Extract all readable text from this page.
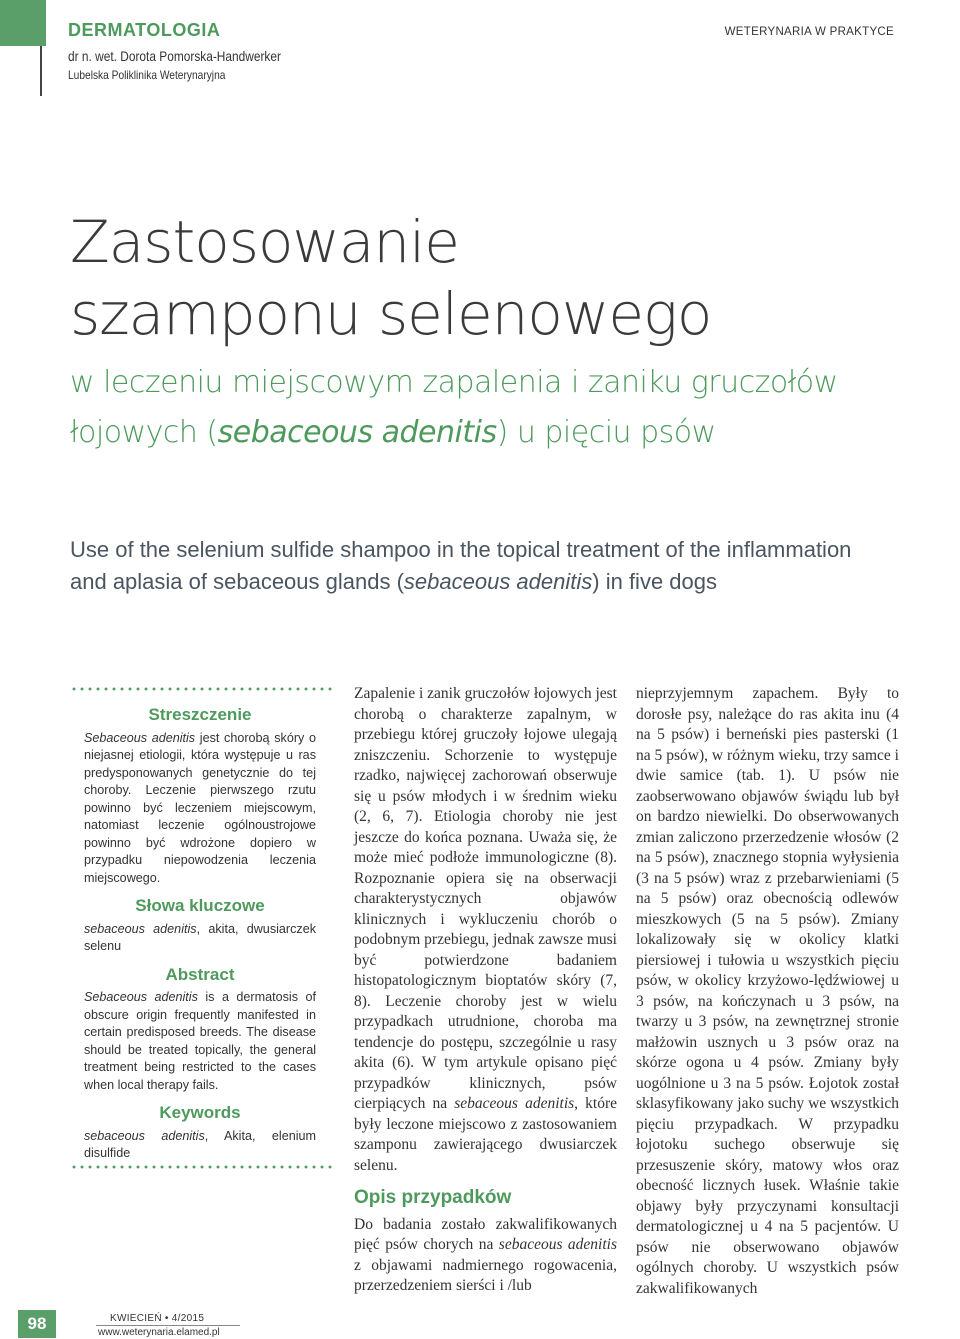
DERMATOLOGIA
dr n. wet. Dorota Pomorska-Handwerker
Lubelska Poliklinika Weterynaryjna
WETERYNARIA W PRAKTYCE
Zastosowanie
szamponu selenowego
w leczeniu miejscowym zapalenia i zaniku gruczołów
łojowych (sebaceous adenitis) u pięciu psów
Use of the selenium sulfide shampoo in the topical treatment of the inflammation
and aplasia of sebaceous glands (sebaceous adenitis) in five dogs
Streszczenie

Sebaceous adenitis jest chorobą skóry o niejasnej etiologii, która występuje u ras predysponowanych genetycznie do tej choroby. Leczenie pierwszego rzutu powinno być leczeniem miejscowym, natomiast leczenie ogólnoustrojowe powinno być wdrożone dopiero w przypadku niepowodzenia leczenia miejscowego.

Słowa kluczowe

sebaceous adenitis, akita, dwusiarczek selenu

Abstract

Sebaceous adenitis is a dermatosis of obscure origin frequently manifested in certain predisposed breeds. The disease should be treated topically, the general treatment being restricted to the cases when local therapy fails.

Keywords

sebaceous adenitis, Akita, elenium disulfide

Zapalenie i zanik gruczołów łojowych jest chorobą o charakterze zapalnym, w przebiegu której gruczoły łojowe ulegają zniszczeniu. Schorzenie to występuje rzadko, najwięcej zachorowań obserwuje się u psów młodych i w średnim wieku (2, 6, 7). Etiologia choroby nie jest jeszcze do końca poznana. Uważa się, że może mieć podłoże immunologiczne (8). Rozpoznanie opiera się na obserwacji charakterystycznych objawów klinicznych i wykluczeniu chorób o podobnym przebiegu, jednak zawsze musi być potwierdzone badaniem histopatologicznym bioptatów skóry (7, 8). Leczenie choroby jest w wielu przypadkach utrudnione, choroba ma tendencje do postępu, szczególnie u rasy akita (6). W tym artykule opisano pięć przypadków klinicznych, psów cierpiących na sebaceous adenitis, które były leczone miejscowo z zastosowaniem szamponu zawierającego dwusiarczek selenu.

Opis przypadków

Do badania zostało zakwalifikowanych pięć psów chorych na sebaceous adenitis z objawami nadmiernego rogowacenia, przerzedzeniem sierści i /lub

nieprzyjemnym zapachem. Były to dorosłe psy, należące do ras akita inu (4 na 5 psów) i berneński pies pasterski (1 na 5 psów), w różnym wieku, trzy samce i dwie samice (tab. 1). U psów nie zaobserwowano objawów świądu lub był on bardzo niewielki. Do obserwowanych zmian zaliczono przerzedzenie włosów (2 na 5 psów), znacznego stopnia wyłysienia (3 na 5 psów) wraz z przebarwieniami (5 na 5 psów) oraz obecnością odlewów mieszkowych (5 na 5 psów). Zmiany lokalizowały się w okolicy klatki piersiowej i tułowia u wszystkich pięciu psów, w okolicy krzyżowo-lędźwiowej u 3 psów, na kończynach u 3 psów, na twarzy u 3 psów, na zewnętrznej stronie małżowin usznych u 3 psów oraz na skórze ogona u 4 psów. Zmiany były uogólnione u 3 na 5 psów. Łojotok został sklasyfikowany jako suchy we wszystkich pięciu przypadkach. W przypadku łojotoku suchego obserwuje się przesuszenie skóry, matowy włos oraz obecność licznych łusek. Właśnie takie objawy były przyczynami konsultacji dermatologicznej u 4 na 5 pacjentów. U psów nie obserwowano objawów ogólnych choroby. U wszystkich psów zakwalifikowanych

98	KWIECIEŃ • 4/2015
www.weterynaria.elamed.pl
